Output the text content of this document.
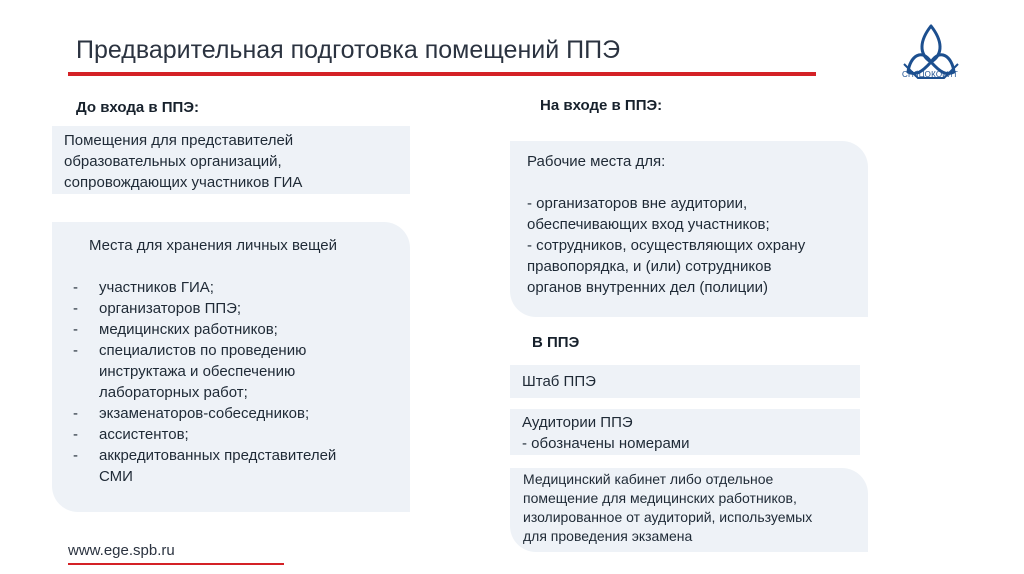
Предварительная подготовка помещений ППЭ
СПбЦОКОиИТ
До входа в ППЭ:

Помещения для представителей

образовательных организаций,

сопровождающих участников ГИА

Места для хранения личных вещей

- участников ГИА;
- организаторов ППЭ;
- медицинских работников;
- специалистов по проведению
инструктажа и обеспечению
лабораторных работ;
- экзаменаторов-собеседников;
- ассистентов;
- аккредитованных представителей
СМИ
На входе в ППЭ:

Рабочие места для:

- организаторов вне аудитории,

обеспечивающих вход участников;

- сотрудников, осуществляющих охрану

правопорядка, и (или) сотрудников

органов внутренних дел (полиции)

В ППЭ

Штаб ППЭ

Аудитории ППЭ

- обозначены номерами

Медицинский кабинет либо отдельное

помещение для медицинских работников,

изолированное от аудиторий, используемых

для проведения экзамена

www.ege.spb.ru
